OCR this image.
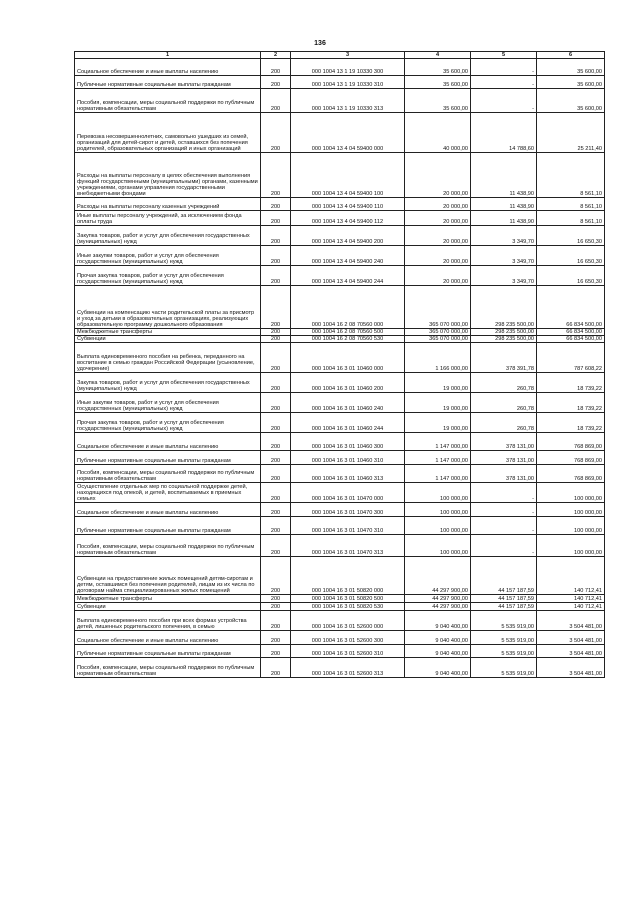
136
1	2	3	4	5	6
Социальное обеспечение и иные выплаты населению	200	000 1004 13 1 19 10330 300	35 600,00	-	35 600,00
Публичные нормативные социальные выплаты гражданам	200	000 1004 13 1 19 10330 310	35 600,00	-	35 600,00
Пособия, компенсации, меры социальной поддержки по публичным нормативным обязательствам	200	000 1004 13 1 19 10330 313	35 600,00	-	35 600,00
Перевозка несовершеннолетних, самовольно ушедших из семей, организаций для детей-сирот и детей, оставшихся без попечения родителей, образовательных организаций и иных организаций	200	000 1004 13 4 04 59400 000	40 000,00	14 788,60	25 211,40
Расходы на выплаты персоналу в целях обеспечения выполнения функций государственными (муниципальными) органами, казенными учреждениями, органами управления государственными внебюджетными фондами	200	000 1004 13 4 04 59400 100	20 000,00	11 438,90	8 561,10
Расходы на выплаты персоналу казенных учреждений	200	000 1004 13 4 04 59400 110	20 000,00	11 438,90	8 561,10
Иные выплаты персоналу учреждений, за исключением фонда оплаты труда	200	000 1004 13 4 04 59400 112	20 000,00	11 438,90	8 561,10
Закупка товаров, работ и услуг для обеспечения государственных (муниципальных) нужд	200	000 1004 13 4 04 59400 200	20 000,00	3 349,70	16 650,30
Иные закупки товаров, работ и услуг для обеспечения государственных (муниципальных) нужд	200	000 1004 13 4 04 59400 240	20 000,00	3 349,70	16 650,30
Прочая закупка товаров, работ и услуг для обеспечения государственных (муниципальных) нужд	200	000 1004 13 4 04 59400 244	20 000,00	3 349,70	16 650,30
Субвенции на компенсацию части родительской платы за присмотр и уход за детьми в образовательных организациях, реализующих образовательную программу дошкольного образования	200	000 1004 16 2 08 70560 000	365 070 000,00	298 235 500,00	66 834 500,00
Межбюджетные трансферты	200	000 1004 16 2 08 70560 500	365 070 000,00	298 235 500,00	66 834 500,00
Субвенции	200	000 1004 16 2 08 70560 530	365 070 000,00	298 235 500,00	66 834 500,00
Выплата единовременного пособия на ребенка, переданного на воспитание в семью граждан Российской Федерации (усыновление, удочерение)	200	000 1004 16 3 01 10460 000	1 166 000,00	378 391,78	787 608,22
Закупка товаров, работ и услуг для обеспечения государственных (муниципальных) нужд	200	000 1004 16 3 01 10460 200	19 000,00	260,78	18 739,22
Иные закупки товаров, работ и услуг для обеспечения государственных (муниципальных) нужд	200	000 1004 16 3 01 10460 240	19 000,00	260,78	18 739,22
Прочая закупка товаров, работ и услуг для обеспечения государственных (муниципальных) нужд	200	000 1004 16 3 01 10460 244	19 000,00	260,78	18 739,22
Социальное обеспечение и иные выплаты населению	200	000 1004 16 3 01 10460 300	1 147 000,00	378 131,00	768 869,00
Публичные нормативные социальные выплаты гражданам	200	000 1004 16 3 01 10460 310	1 147 000,00	378 131,00	768 869,00
Пособия, компенсации, меры социальной поддержки по публичным нормативным обязательствам	200	000 1004 16 3 01 10460 313	1 147 000,00	378 131,00	768 869,00
Осуществление отдельных мер по социальной поддержке детей, находящихся под опекой, и детей, воспитываемых в приемных семьях	200	000 1004 16 3 01 10470 000	100 000,00	-	100 000,00
Социальное обеспечение и иные выплаты населению	200	000 1004 16 3 01 10470 300	100 000,00	-	100 000,00
Публичные нормативные социальные выплаты гражданам	200	000 1004 16 3 01 10470 310	100 000,00	-	100 000,00
Пособия, компенсации, меры социальной поддержки по публичным нормативным обязательствам	200	000 1004 16 3 01 10470 313	100 000,00	-	100 000,00
Субвенции на предоставление жилых помещений детям-сиротам и детям, оставшимся без попечения родителей, лицам из их числа по договорам найма специализированных жилых помещений	200	000 1004 16 3 01 50820 000	44 297 900,00	44 157 187,59	140 712,41
Межбюджетные трансферты	200	000 1004 16 3 01 50820 500	44 297 900,00	44 157 187,59	140 712,41
Субвенции	200	000 1004 16 3 01 50820 530	44 297 900,00	44 157 187,59	140 712,41
Выплата единовременного пособия при всех формах устройства детей, лишенных родительского попечения, в семью	200	000 1004 16 3 01 52600 000	9 040 400,00	5 535 919,00	3 504 481,00
Социальное обеспечение и иные выплаты населению	200	000 1004 16 3 01 52600 300	9 040 400,00	5 535 919,00	3 504 481,00
Публичные нормативные социальные выплаты гражданам	200	000 1004 16 3 01 52600 310	9 040 400,00	5 535 919,00	3 504 481,00
Пособия, компенсации, меры социальной поддержки по публичным нормативным обязательствам	200	000 1004 16 3 01 52600 313	9 040 400,00	5 535 919,00	3 504 481,00
